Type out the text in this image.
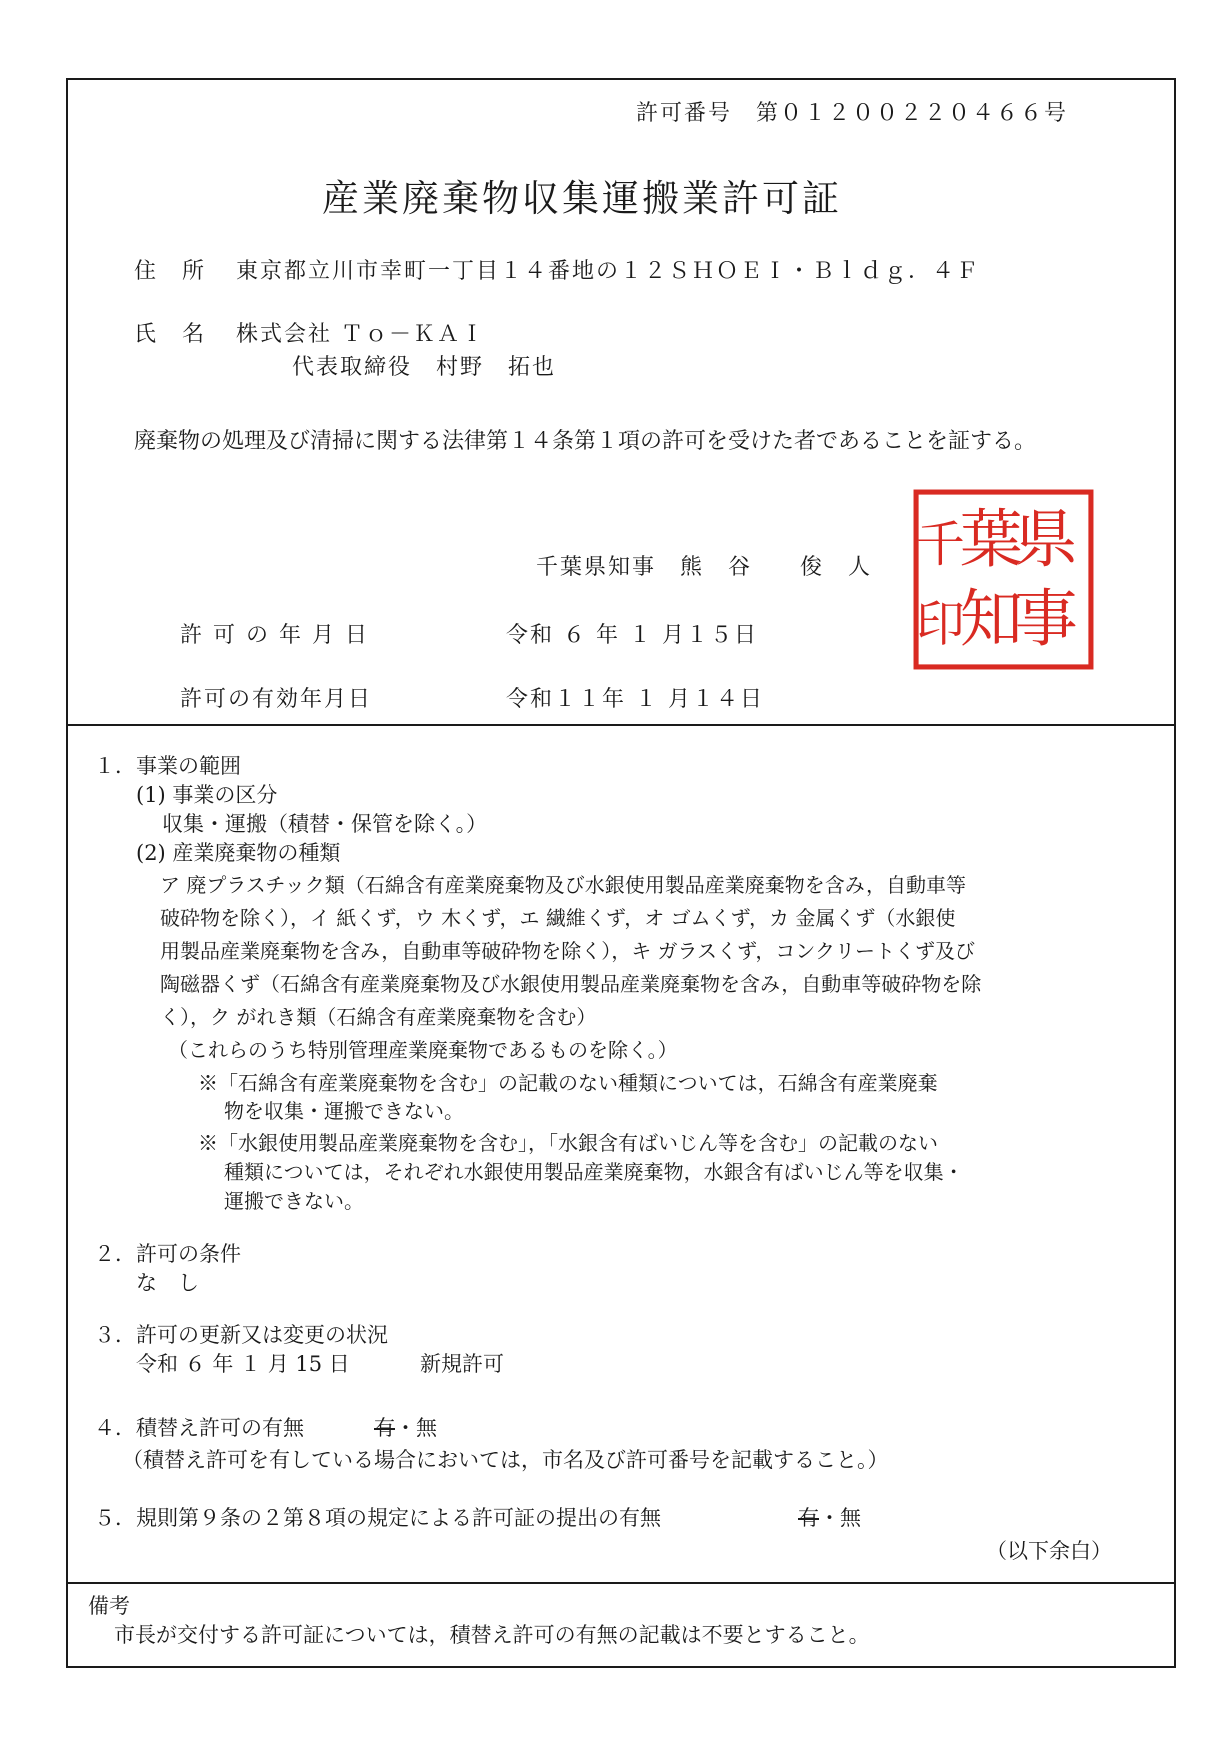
許可番号　第０１２００２２０４６６号
産業廃棄物収集運搬業許可証
住　所 東京都立川市幸町一丁目１４番地の１２ＳＨＯＥＩ・Ｂｌｄｇ．４Ｆ
氏　名 株式会社 Ｔｏ－ＫＡＩ
代表取締役　村野　拓也
廃棄物の処理及び清掃に関する法律第１４条第１項の許可を受けた者であることを証する。
千葉県知事　熊　谷　　俊　人 県
事
葉
知
千
印
許 可 の 年 月 日	令和 ６ 年 １ 月１５日
許可の有効年月日	令和１１年 １ 月１４日
１．事業の範囲
(1) 事業の区分
収集・運搬（積替・保管を除く。）
(2) 産業廃棄物の種類
ア 廃プラスチック類（石綿含有産業廃棄物及び水銀使用製品産業廃棄物を含み，自動車等
破砕物を除く），イ 紙くず，ウ 木くず，エ 繊維くず，オ ゴムくず，カ 金属くず（水銀使
用製品産業廃棄物を含み，自動車等破砕物を除く），キ ガラスくず，コンクリートくず及び
陶磁器くず（石綿含有産業廃棄物及び水銀使用製品産業廃棄物を含み，自動車等破砕物を除
く），ク がれき類（石綿含有産業廃棄物を含む）
（これらのうち特別管理産業廃棄物であるものを除く。）
※「石綿含有産業廃棄物を含む」の記載のない種類については，石綿含有産業廃棄
物を収集・運搬できない。
※「水銀使用製品産業廃棄物を含む」，「水銀含有ばいじん等を含む」の記載のない
種類については，それぞれ水銀使用製品産業廃棄物，水銀含有ばいじん等を収集・
運搬できない。
２．許可の条件
な　し
３．許可の更新又は変更の状況
令和 ６ 年 １ 月 15 日	新規許可
４．積替え許可の有無	有・無
（積替え許可を有している場合においては，市名及び許可番号を記載すること。）
５．規則第９条の２第８項の規定による許可証の提出の有無	有・無
（以下余白）
備考
市長が交付する許可証については，積替え許可の有無の記載は不要とすること。
